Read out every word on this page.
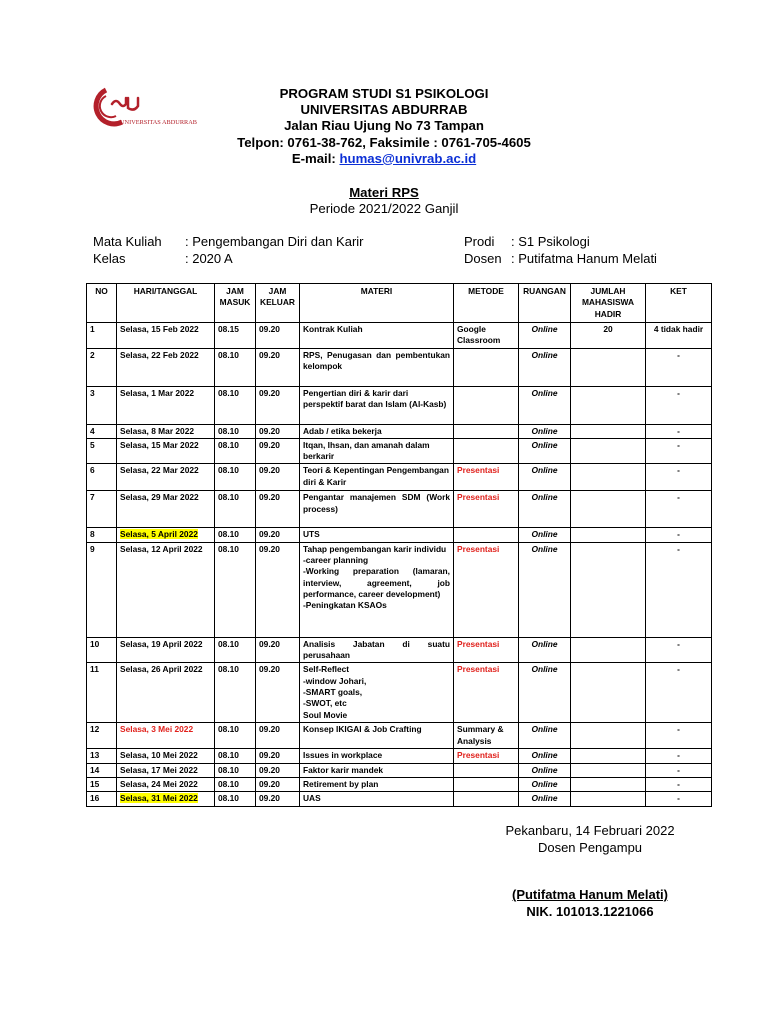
UNIVERSITAS ABDURRAB
PROGRAM STUDI S1 PSIKOLOGI
UNIVERSITAS ABDURRAB
Jalan Riau Ujung No 73 Tampan
Telpon: 0761-38-762, Faksimile : 0761-705-4605
E-mail: humas@univrab.ac.id
Materi RPS
Periode 2021/2022 Ganjil
Mata Kuliah	: Pengembangan Diri dan Karir
Kelas	: 2020 A
Prodi	: S1 Psikologi
Dosen : Putifatma Hanum Melati
NO	HARI/TANGGAL	JAM MASUK	JAM KELUAR	MATERI	METODE	RUANGAN	JUMLAH MAHASISWA HADIR	KET
1	Selasa, 15 Feb 2022	08.15	09.20	Kontrak Kuliah	Google Classroom	Online	20	4 tidak hadir
2	Selasa, 22 Feb 2022	08.10	09.20	RPS, Penugasan dan pembentukan kelompok		Online		-
3	Selasa, 1 Mar 2022	08.10	09.20	Pengertian diri & karir dari perspektif barat dan Islam (Al-Kasb)		Online		-
4	Selasa, 8 Mar 2022	08.10	09.20	Adab / etika bekerja		Online		-
5	Selasa, 15 Mar 2022	08.10	09.20	Itqan, Ihsan, dan amanah dalam berkarir		Online		-
6	Selasa, 22 Mar 2022	08.10	09.20	Teori & Kepentingan Pengembangan diri & Karir	Presentasi	Online		-
7	Selasa, 29 Mar 2022	08.10	09.20	Pengantar manajemen SDM (Work process)	Presentasi	Online		-
8	Selasa, 5 April 2022	08.10	09.20	UTS		Online		-
9	Selasa, 12 April 2022	08.10	09.20	Tahap pengembangan karir individu
-career planning
-Working preparation (lamaran, interview, agreement, job performance, career development)
-Peningkatan KSAOs	Presentasi	Online		-
10	Selasa, 19 April 2022	08.10	09.20	Analisis Jabatan di suatu perusahaan	Presentasi	Online		-
11	Selasa, 26 April 2022	08.10	09.20	Self-Reflect
-window Johari,
-SMART goals,
-SWOT, etc
Soul Movie	Presentasi	Online		-
12	Selasa, 3 Mei 2022	08.10	09.20	Konsep IKIGAI & Job Crafting	Summary & Analysis	Online		-
13	Selasa, 10 Mei 2022	08.10	09.20	Issues in workplace	Presentasi	Online		-
14	Selasa, 17 Mei 2022	08.10	09.20	Faktor karir mandek		Online		-
15	Selasa, 24 Mei 2022	08.10	09.20	Retirement by plan		Online		-
16	Selasa, 31 Mei 2022	08.10	09.20	UAS		Online		-
Pekanbaru, 14 Februari 2022
Dosen Pengampu
(Putifatma Hanum Melati)
NIK. 101013.1221066
